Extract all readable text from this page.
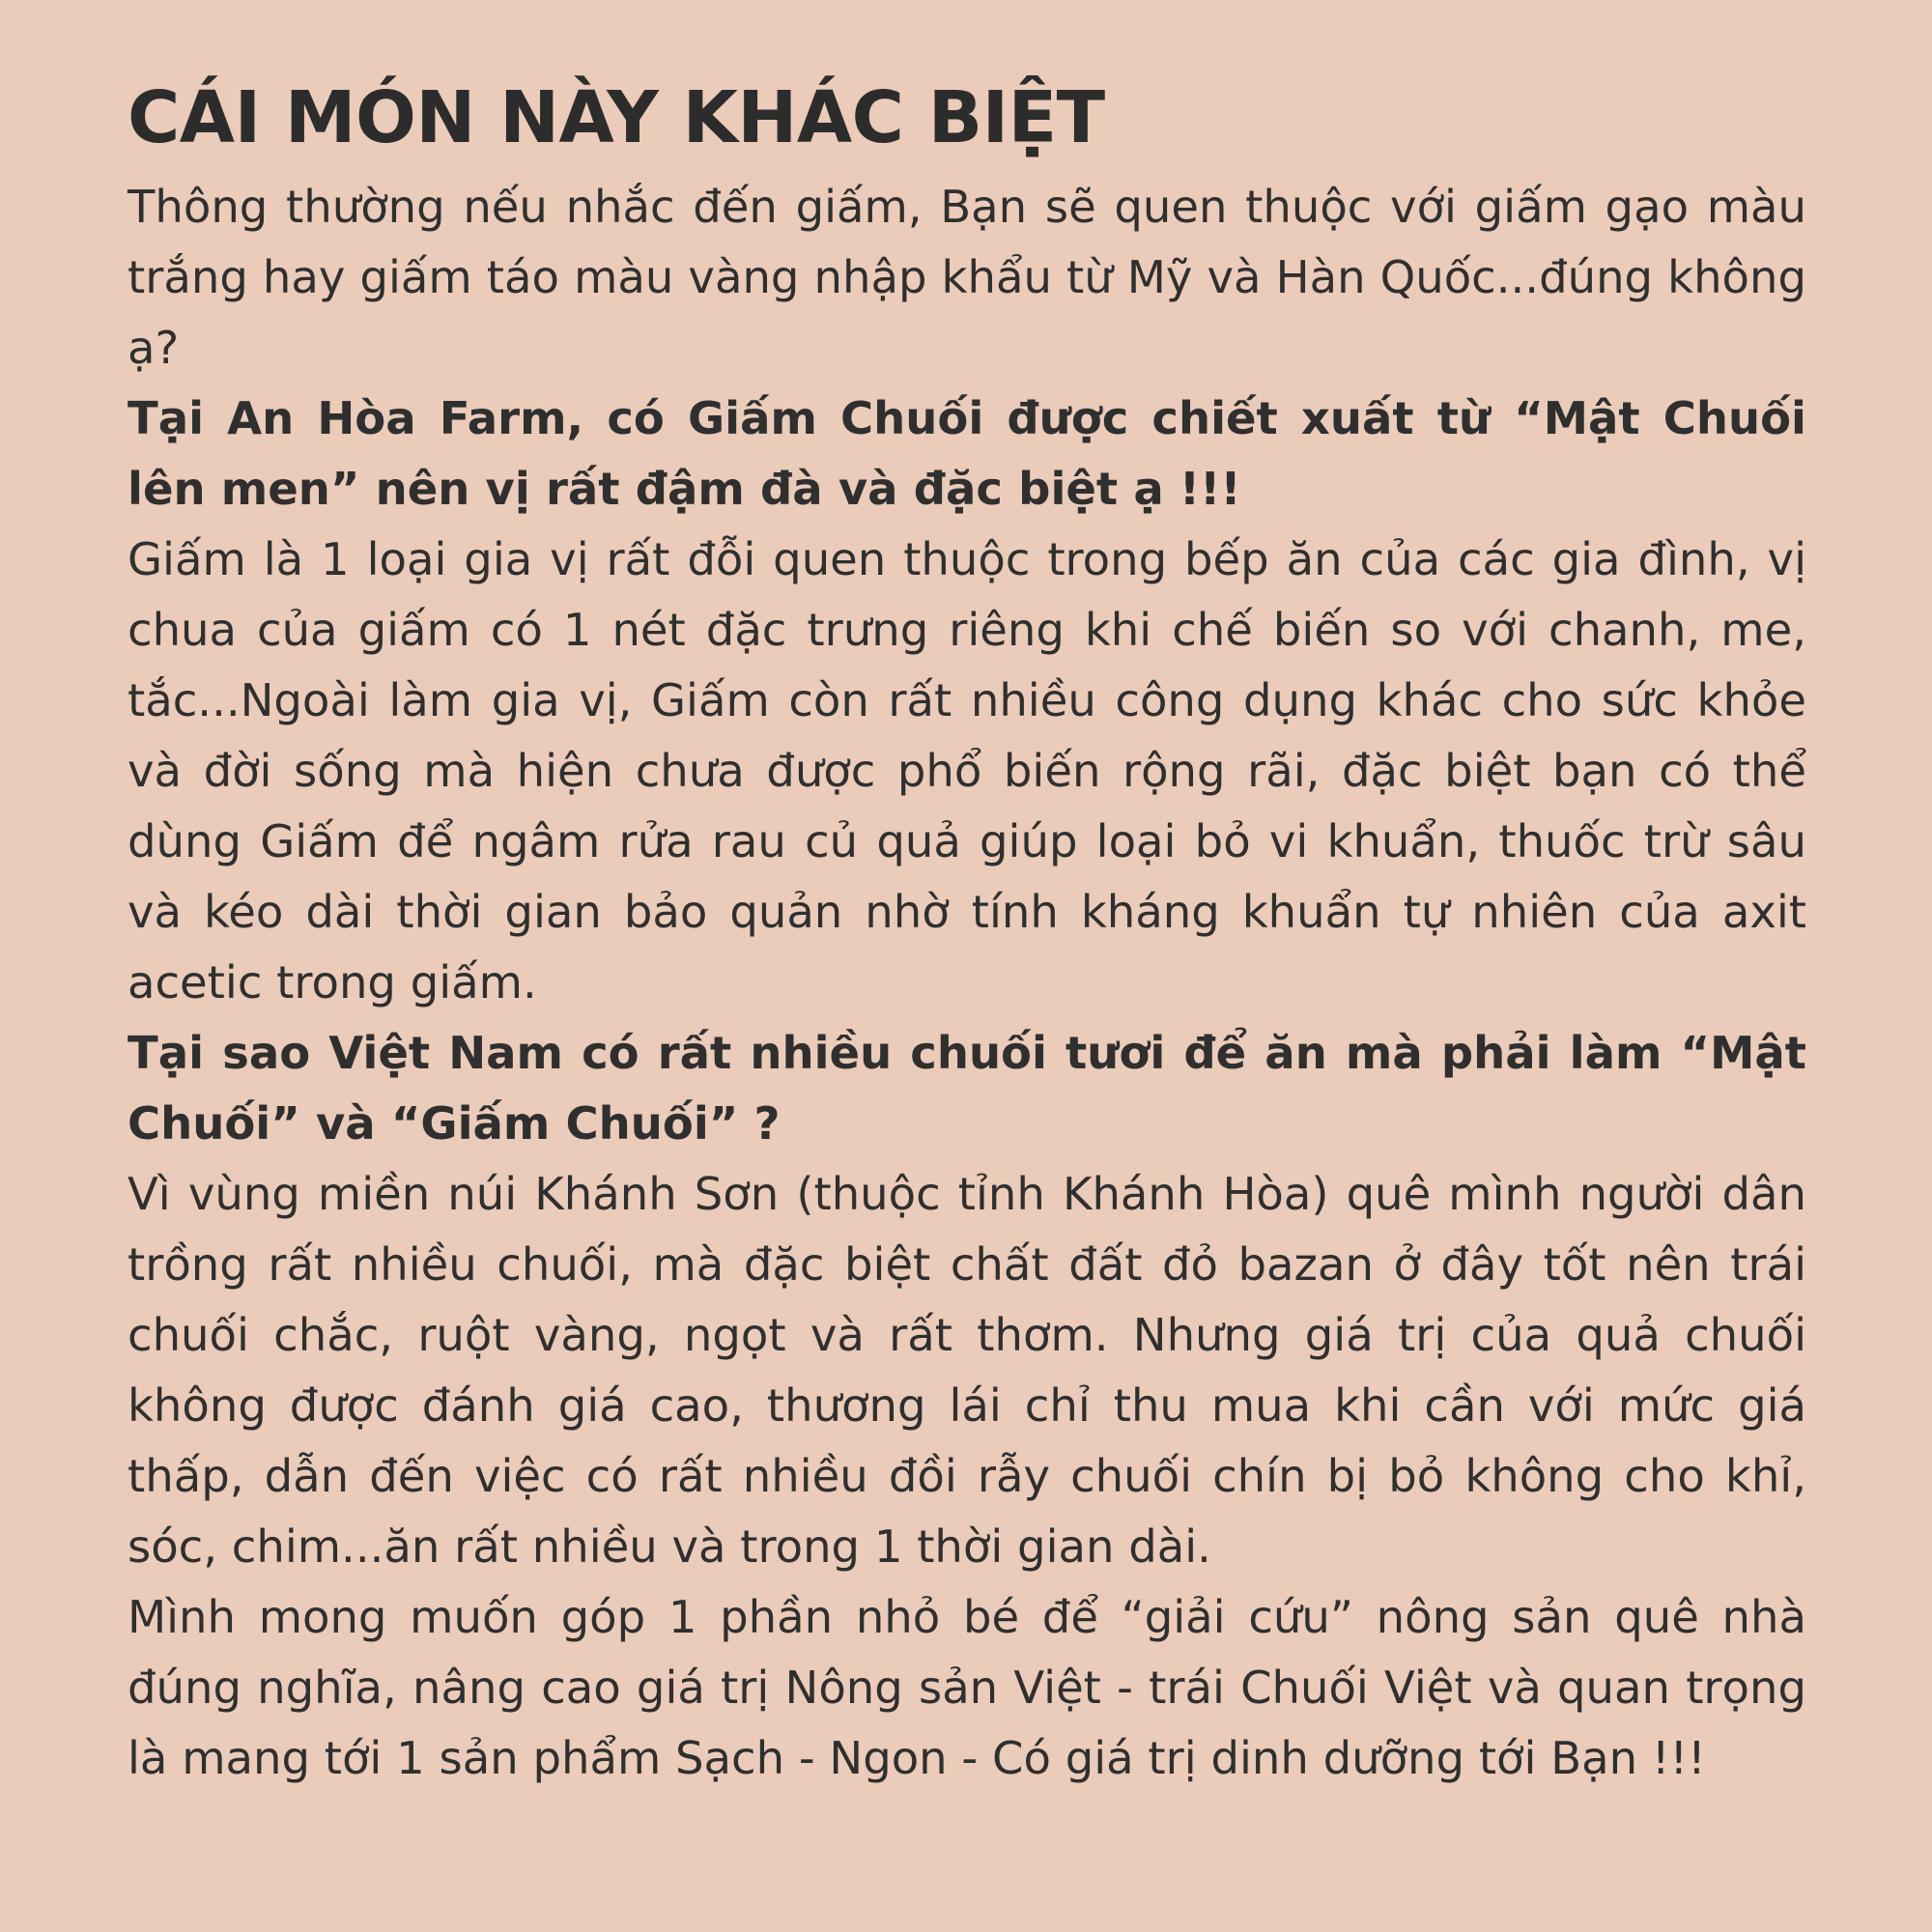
CÁI MÓN NÀY KHÁC BIỆT

Thông thường nếu nhắc đến giấm, Bạn sẽ quen thuộc với giấm gạo màu trắng hay giấm táo màu vàng nhập khẩu từ Mỹ và Hàn Quốc...đúng không ạ?

Tại An Hòa Farm, có Giấm Chuối được chiết xuất từ “Mật Chuối lên men” nên vị rất đậm đà và đặc biệt ạ !!!

Giấm là 1 loại gia vị rất đỗi quen thuộc trong bếp ăn của các gia đình, vị chua của giấm có 1 nét đặc trưng riêng khi chế biến so với chanh, me, tắc...Ngoài làm gia vị, Giấm còn rất nhiều công dụng khác cho sức khỏe và đời sống mà hiện chưa được phổ biến rộng rãi, đặc biệt bạn có thể dùng Giấm để ngâm rửa rau củ quả giúp loại bỏ vi khuẩn, thuốc trừ sâu và kéo dài thời gian bảo quản nhờ tính kháng khuẩn tự nhiên của axit acetic trong giấm.

Tại sao Việt Nam có rất nhiều chuối tươi để ăn mà phải làm “Mật Chuối” và “Giấm Chuối” ?

Vì vùng miền núi Khánh Sơn (thuộc tỉnh Khánh Hòa) quê mình người dân trồng rất nhiều chuối, mà đặc biệt chất đất đỏ bazan ở đây tốt nên trái chuối chắc, ruột vàng, ngọt và rất thơm. Nhưng giá trị của quả chuối không được đánh giá cao, thương lái chỉ thu mua khi cần với mức giá thấp, dẫn đến việc có rất nhiều đồi rẫy chuối chín bị bỏ không cho khỉ, sóc, chim...ăn rất nhiều và trong 1 thời gian dài.

Mình mong muốn góp 1 phần nhỏ bé để “giải cứu” nông sản quê nhà đúng nghĩa, nâng cao giá trị Nông sản Việt - trái Chuối Việt và quan trọng là mang tới 1 sản phẩm Sạch - Ngon - Có giá trị dinh dưỡng tới Bạn !!!
